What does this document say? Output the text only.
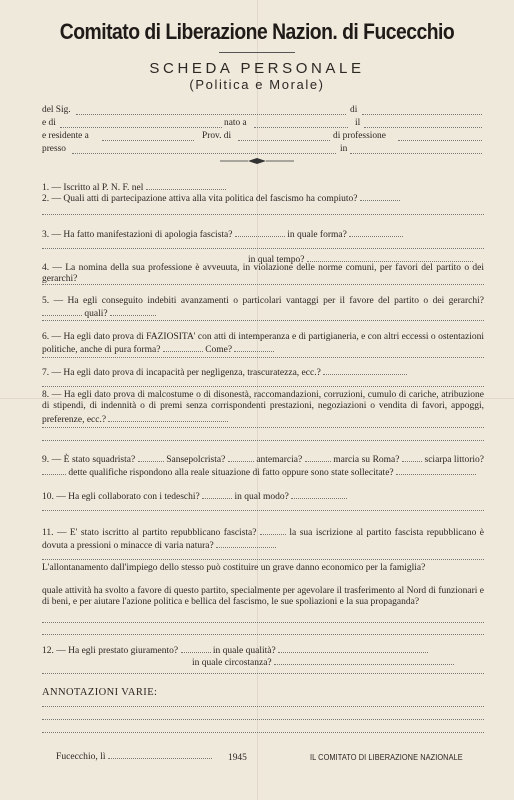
Comitato di Liberazione Nazion. di Fucecchio
SCHEDA PERSONALE
(Politica e Morale)
del Sig.	di
e di	nato a	il
e residente a	Prov. di	di professione
presso	in
1. — Iscritto al P. N. F. nel
2. — Quali atti di partecipazione attiva alla vita politica del fascismo ha compiuto?
3. — Ha fatto manifestazioni di apologia fascista?	in quale forma?
in qual tempo?
4. — La nomina della sua professione è avveuuta, in violazione delle norme comuni, per favori del partito o dei gerarchi?
5. — Ha egli conseguito indebiti avanzamenti o particolari vantaggi per il favore del partito o dei gerarchi?  quali?
6. — Ha egli dato prova di FAZIOSITA' con atti di intemperanza e di partigianeria, e con altri eccessi o ostentazioni politiche, anche di pura forma?	Come?
7. — Ha egli dato prova di incapacità per negligenza, trascuratezza, ecc.?
8. — Ha egli dato prova di malcostume o di disonestà, raccomandazioni, corruzioni, cumulo di cariche, atribuzione di stipendi, di indennità o di premi senza corrispondenti prestazioni, negoziazioni o vendita di favori, appoggi, preferenze, ecc.?
9. — È stato squadrista?	Sansepolcrista?	antemarcia?	marcia su Roma?	sciarpa littorio?  dette qualifiche rispondono alla reale situazione di fatto oppure sono state sollecitate?
10. — Ha egli collaborato con i tedeschi?	in qual modo?
11. — E' stato iscritto al partito repubblicano fascista?	la sua iscrizione al partito fascista repubblicano è dovuta a pressioni o minacce di varia natura?
L'allontanamento dall'impiego dello stesso può costituire un grave danno economico per la famiglia?
quale attività ha svolto a favore di questo partito, specialmente per agevolare il trasferimento al Nord di funzionari e di beni, e per aiutare l'azione politica e bellica del fascismo, le sue spoliazioni e la sua propaganda?
12. — Ha egli prestato giuramento?	in quale qualità?
in quale circostanza?
ANNOTAZIONI VARIE:
Fucecchio, lì	1945	IL COMITATO DI LIBERAZIONE NAZIONALE
